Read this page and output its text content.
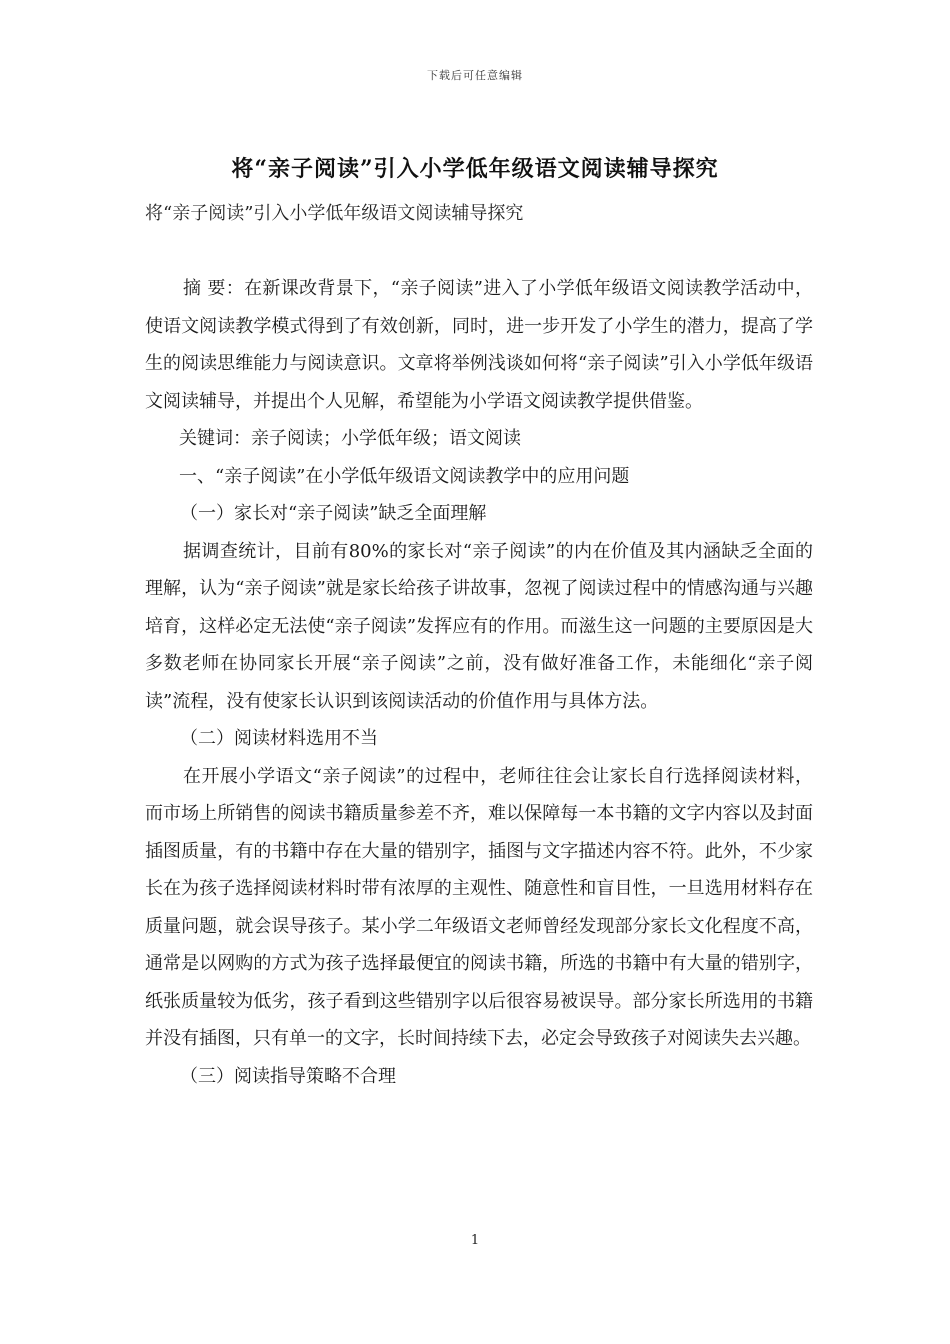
下载后可任意编辑
将“亲子阅读”引入小学低年级语文阅读辅导探究
将“亲子阅读”引入小学低年级语文阅读辅导探究

摘 要：在新课改背景下，“亲子阅读”进入了小学低年级语文阅读教学活动中，使语文阅读教学模式得到了有效创新，同时，进一步开发了小学生的潜力，提高了学生的阅读思维能力与阅读意识。文章将举例浅谈如何将“亲子阅读”引入小学低年级语文阅读辅导，并提出个人见解，希望能为小学语文阅读教学提供借鉴。

关键词：亲子阅读；小学低年级；语文阅读

一、“亲子阅读”在小学低年级语文阅读教学中的应用问题

（一）家长对“亲子阅读”缺乏全面理解

据调查统计，目前有80%的家长对“亲子阅读”的内在价值及其内涵缺乏全面的理解，认为“亲子阅读”就是家长给孩子讲故事，忽视了阅读过程中的情感沟通与兴趣培育，这样必定无法使“亲子阅读”发挥应有的作用。而滋生这一问题的主要原因是大多数老师在协同家长开展“亲子阅读”之前，没有做好准备工作，未能细化“亲子阅读”流程，没有使家长认识到该阅读活动的价值作用与具体方法。

（二）阅读材料选用不当

在开展小学语文“亲子阅读”的过程中，老师往往会让家长自行选择阅读材料，而市场上所销售的阅读书籍质量参差不齐，难以保障每一本书籍的文字内容以及封面插图质量，有的书籍中存在大量的错别字，插图与文字描述内容不符。此外，不少家长在为孩子选择阅读材料时带有浓厚的主观性、随意性和盲目性，一旦选用材料存在质量问题，就会误导孩子。某小学二年级语文老师曾经发现部分家长文化程度不高，通常是以网购的方式为孩子选择最便宜的阅读书籍，所选的书籍中有大量的错别字，纸张质量较为低劣，孩子看到这些错别字以后很容易被误导。部分家长所选用的书籍并没有插图，只有单一的文字，长时间持续下去，必定会导致孩子对阅读失去兴趣。

（三）阅读指导策略不合理

1
